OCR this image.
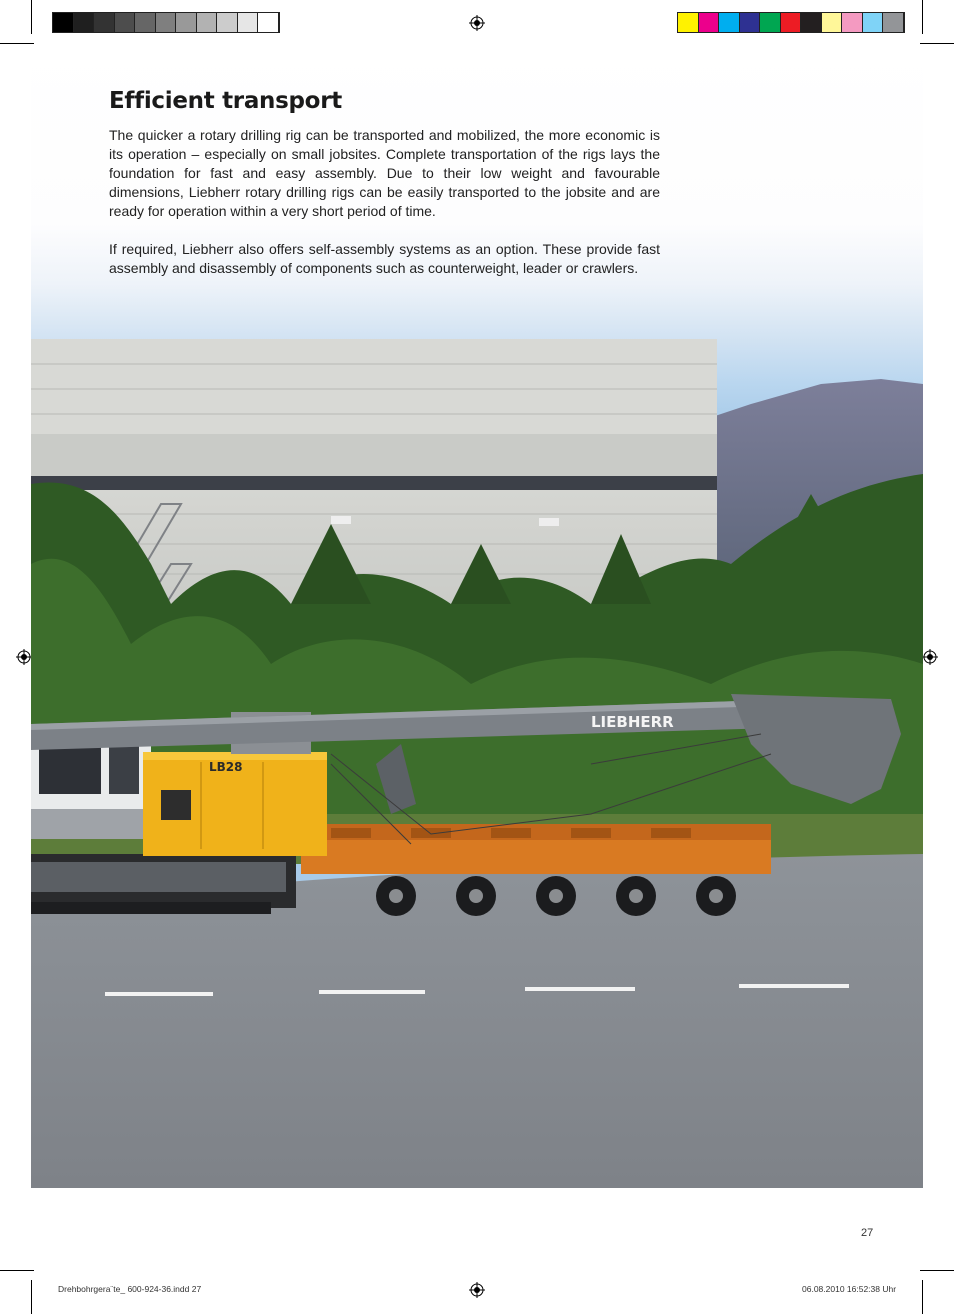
LIEBHERR
LB28
Efficient transport

The quicker a rotary drilling rig can be transported and mobilized, the more economic is its operation – especially on small jobsites. Complete transportation of the rigs lays the foundation for fast and easy assembly. Due to their low weight and favourable dimensions, Liebherr rotary drilling rigs can be easily transported to the jobsite and are ready for operation within a very short period of time.

If required, Liebherr also offers self-assembly systems as an option. These provide fast assembly and disassembly of components such as counterweight, leader or crawlers.

27
Drehbohrgera¨te_ 600-924-36.indd 27	06.08.2010 16:52:38 Uhr
